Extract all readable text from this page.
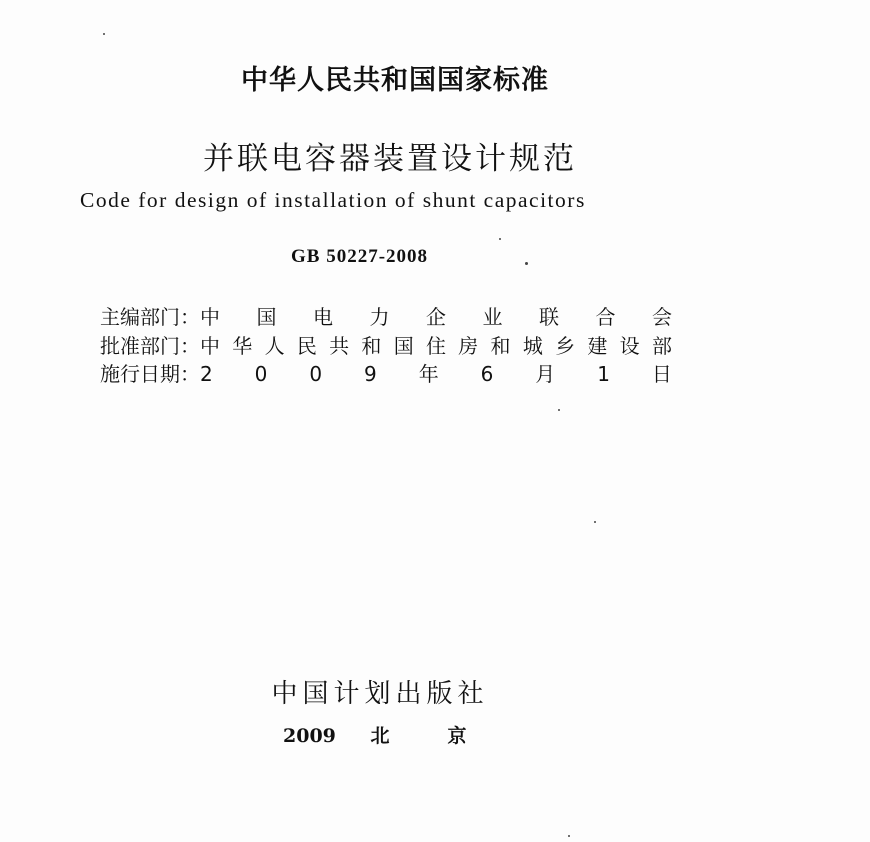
中华人民共和国国家标准
并联电容器装置设计规范
Code for design of installation of shunt capacitors
GB 50227-2008
主编部门： 中 国 电 力 企 业 联 合 会
批准部门： 中 华 人 民 共 和 国 住 房 和 城 乡 建 设 部
施行日期： 2 0 0 9 年 6 月 1 日
中国计划出版社
2009 北	京
